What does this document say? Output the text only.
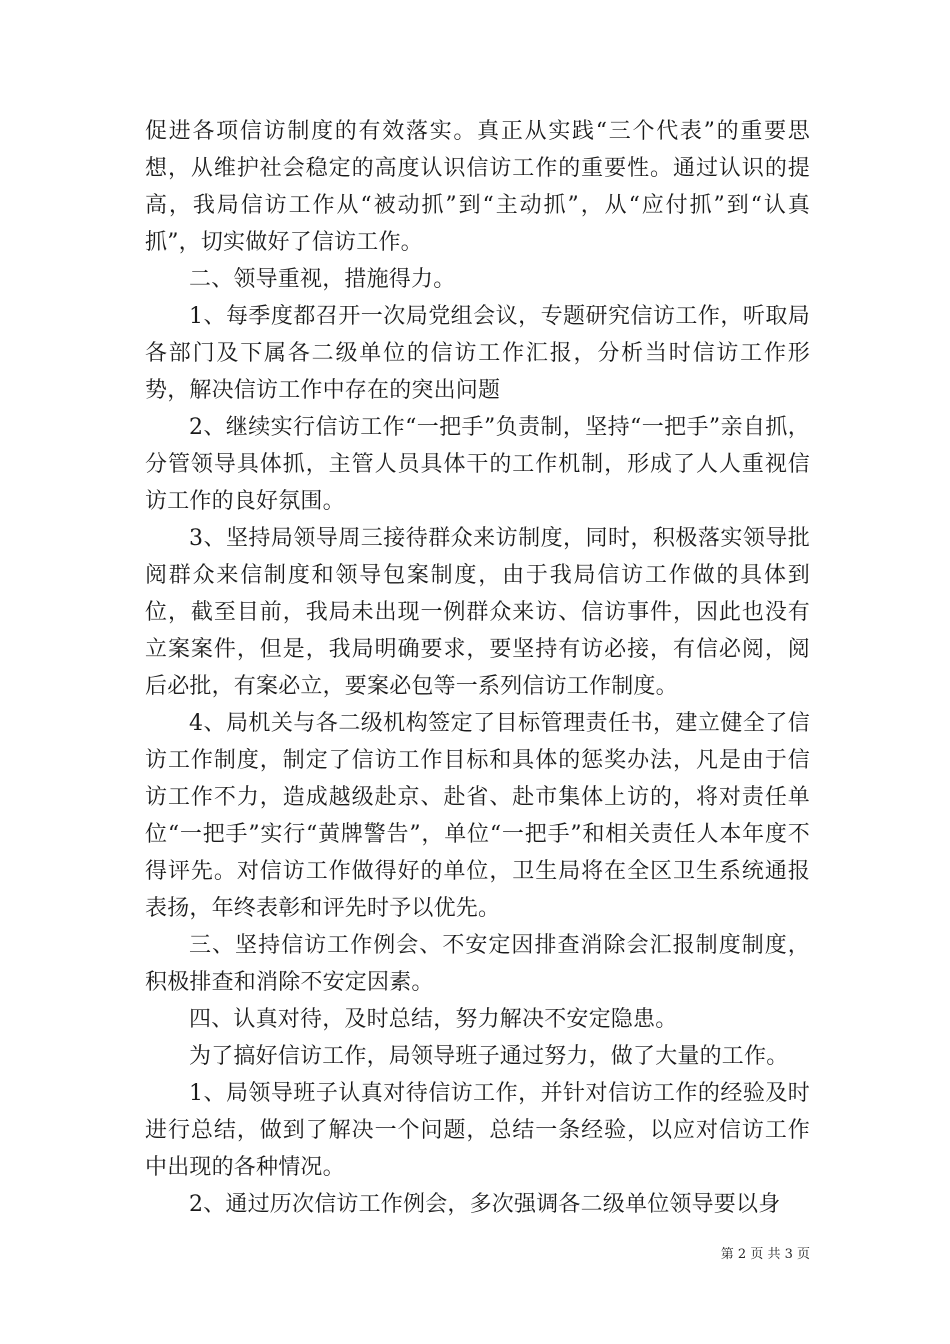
促进各项信访制度的有效落实。真正从实践“三个代表”的重要思想，从维护社会稳定的高度认识信访工作的重要性。通过认识的提高，我局信访工作从“被动抓”到“主动抓”，从“应付抓”到“认真抓”，切实做好了信访工作。

二、领导重视，措施得力。

1、每季度都召开一次局党组会议，专题研究信访工作，听取局各部门及下属各二级单位的信访工作汇报，分析当时信访工作形势，解决信访工作中存在的突出问题

2、继续实行信访工作“一把手”负责制，坚持“一把手”亲自抓，分管领导具体抓，主管人员具体干的工作机制，形成了人人重视信访工作的良好氛围。

3、坚持局领导周三接待群众来访制度，同时，积极落实领导批阅群众来信制度和领导包案制度，由于我局信访工作做的具体到位，截至目前，我局未出现一例群众来访、信访事件，因此也没有立案案件，但是，我局明确要求，要坚持有访必接，有信必阅，阅后必批，有案必立，要案必包等一系列信访工作制度。

4、局机关与各二级机构签定了目标管理责任书，建立健全了信访工作制度，制定了信访工作目标和具体的惩奖办法，凡是由于信访工作不力，造成越级赴京、赴省、赴市集体上访的，将对责任单位“一把手”实行“黄牌警告”，单位“一把手”和相关责任人本年度不得评先。对信访工作做得好的单位，卫生局将在全区卫生系统通报表扬，年终表彰和评先时予以优先。

三、坚持信访工作例会、不安定因排查消除会汇报制度制度，积极排查和消除不安定因素。

四、认真对待，及时总结，努力解决不安定隐患。

为了搞好信访工作，局领导班子通过努力，做了大量的工作。

1、局领导班子认真对待信访工作，并针对信访工作的经验及时进行总结，做到了解决一个问题，总结一条经验，以应对信访工作中出现的各种情况。

2、通过历次信访工作例会，多次强调各二级单位领导要以身

第 2 页 共 3 页
